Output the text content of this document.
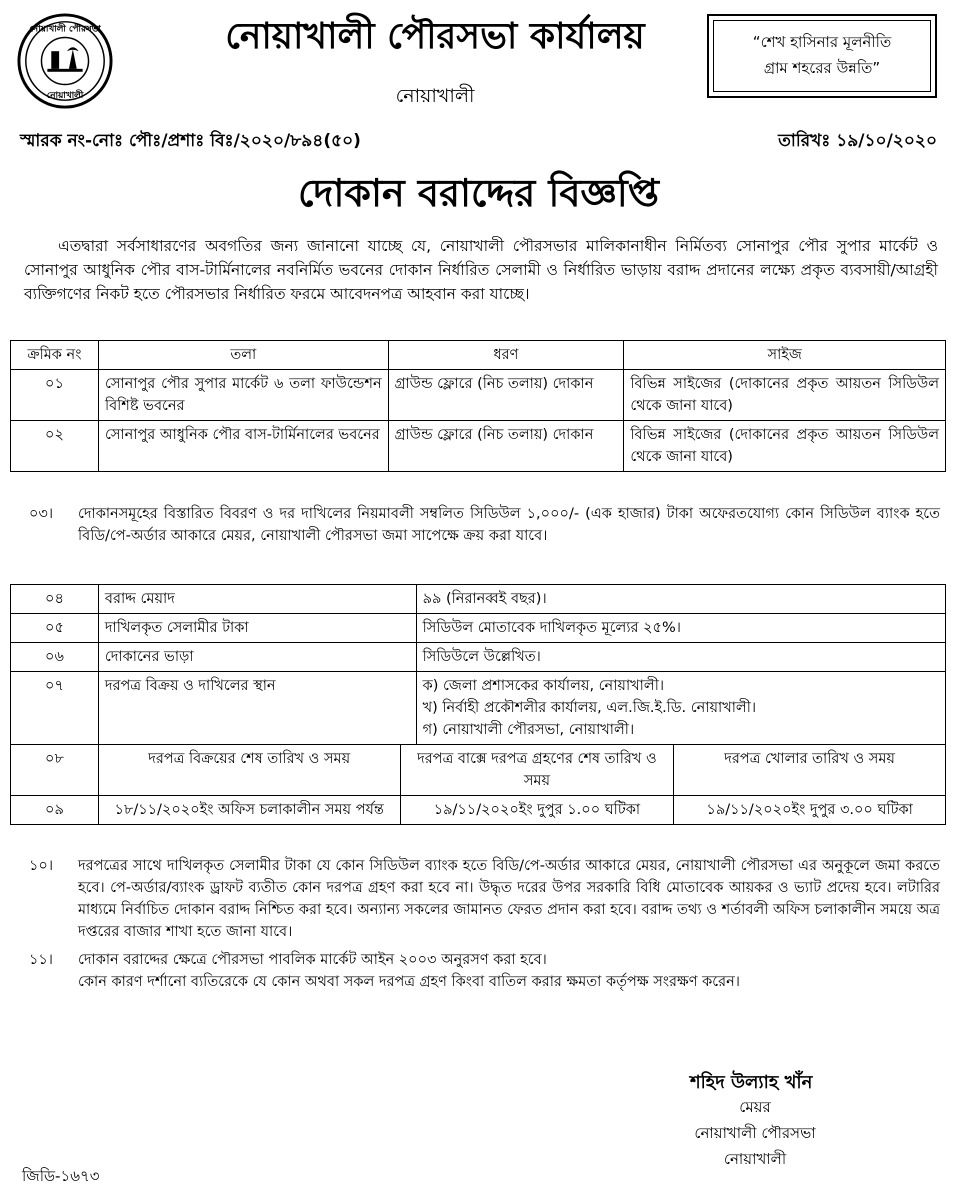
নোয়াখালী পৌরসভা
নোয়াখালী
নোয়াখালী পৌরসভা কার্যালয়
নোয়াখালী
“শেখ হাসিনার মূলনীতি
গ্রাম শহরের উন্নতি”
স্মারক নং-নোঃ পৌঃ/প্রশাঃ বিঃ/২০২০/৮৯৪(৫০)	তারিখঃ ১৯/১০/২০২০
দোকান বরাদ্দের বিজ্ঞপ্তি
এতদ্বারা সর্বসাধারণের অবগতির জন্য জানানো যাচ্ছে যে, নোয়াখালী পৌরসভার মালিকানাধীন নির্মিতব্য সোনাপুর পৌর সুপার মার্কেট ও সোনাপুর আধুনিক পৌর বাস-টার্মিনালের নবনির্মিত ভবনের দোকান নির্ধারিত সেলামী ও নির্ধারিত ভাড়ায় বরাদ্দ প্রদানের লক্ষ্যে প্রকৃত ব্যবসায়ী/আগ্রহী ব্যক্তিগণের নিকট হতে পৌরসভার নির্ধারিত ফরমে আবেদনপত্র আহবান করা যাচ্ছে।
ক্রমিক নং	তলা	ধরণ	সাইজ
০১	সোনাপুর পৌর সুপার মার্কেট ৬ তলা ফাউন্ডেশন বিশিষ্ট ভবনের	গ্রাউন্ড ফ্লোরে (নিচ তলায়) দোকান	বিভিন্ন সাইজের (দোকানের প্রকৃত আয়তন সিডিউল থেকে জানা যাবে)
০২	সোনাপুর আধুনিক পৌর বাস-টার্মিনালের ভবনের	গ্রাউন্ড ফ্লোরে (নিচ তলায়) দোকান	বিভিন্ন সাইজের (দোকানের প্রকৃত আয়তন সিডিউল থেকে জানা যাবে)
০৩।	দোকানসমূহের বিস্তারিত বিবরণ ও দর দাখিলের নিয়মাবলী সম্বলিত সিডিউল ১,০০০/- (এক হাজার) টাকা অফেরতযোগ্য কোন সিডিউল ব্যাংক হতে বিডি/পে-অর্ডার আকারে মেয়র, নোয়াখালী পৌরসভা জমা সাপেক্ষে ক্রয় করা যাবে।
০৪	বরাদ্দ মেয়াদ	৯৯ (নিরানব্বই বছর)।
০৫	দাখিলকৃত সেলামীর টাকা	সিডিউল মোতাবেক দাখিলকৃত মূল্যের ২৫%।
০৬	দোকানের ভাড়া	সিডিউলে উল্লেখিত।
০৭	দরপত্র বিক্রয় ও দাখিলের স্থান	ক) জেলা প্রশাসকের কার্যালয়, নোয়াখালী।
খ) নির্বাহী প্রকৌশলীর কার্যালয়, এল.জি.ই.ডি. নোয়াখালী।
গ) নোয়াখালী পৌরসভা, নোয়াখালী।
০৮	দরপত্র বিক্রয়ের শেষ তারিখ ও সময়	দরপত্র বাক্সে দরপত্র গ্রহণের শেষ তারিখ ও সময়	দরপত্র খোলার তারিখ ও সময়
০৯	১৮/১১/২০২০ইং অফিস চলাকালীন সময় পর্যন্ত	১৯/১১/২০২০ইং দুপুর ১.০০ ঘটিকা	১৯/১১/২০২০ইং দুপুর ৩.০০ ঘটিকা
১০।	দরপত্রের সাথে দাখিলকৃত সেলামীর টাকা যে কোন সিডিউল ব্যাংক হতে বিডি/পে-অর্ডার আকারে মেয়র, নোয়াখালী পৌরসভা এর অনুকূলে জমা করতে হবে। পে-অর্ডার/ব্যাংক ড্রাফট ব্যতীত কোন দরপত্র গ্রহণ করা হবে না। উদ্ধৃত দরের উপর সরকারি বিধি মোতাবেক আয়কর ও ভ্যাট প্রদেয় হবে। লটারির মাধ্যমে নির্বাচিত দোকান বরাদ্দ নিশ্চিত করা হবে। অন্যান্য সকলের জামানত ফেরত প্রদান করা হবে। বরাদ্দ তথ্য ও শর্তাবলী অফিস চলাকালীন সময়ে অত্র দপ্তরের বাজার শাখা হতে জানা যাবে।
১১।	দোকান বরাদ্দের ক্ষেত্রে পৌরসভা পাবলিক মার্কেট আইন ২০০৩ অনুরসণ করা হবে।
কোন কারণ দর্শানো ব্যতিরেকে যে কোন অথবা সকল দরপত্র গ্রহণ কিংবা বাতিল করার ক্ষমতা কর্তৃপক্ষ সংরক্ষণ করেন।
শহিদ উল্যাহ খাঁন
মেয়র
নোয়াখালী পৌরসভা
নোয়াখালী
জিডি-১৬৭৩
